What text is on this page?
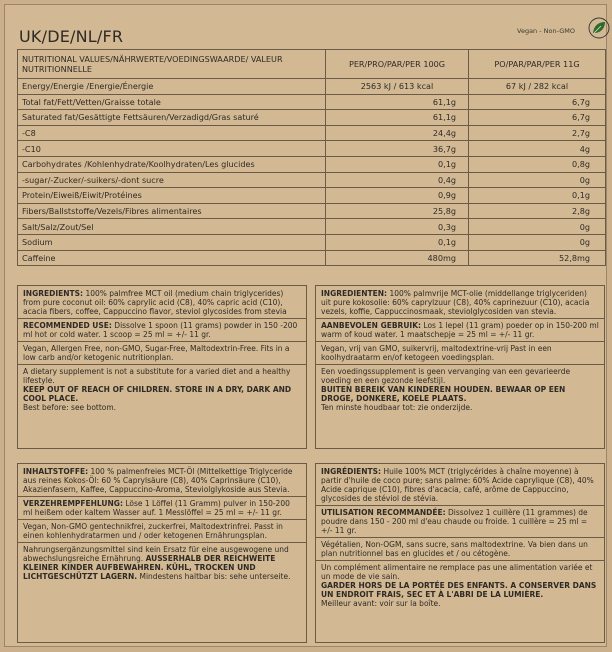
UK/DE/NL/FR	Vegan - Non-GMO
NUTRITIONAL VALUES/NÄHRWERTE/VOEDINGSWAARDE/ VALEUR NUTRITIONNELLE	PER/PRO/PAR/PER 100G	PO/PAR/PAR/PER 11G
Energy/Energie /Energie/Énergie	2563 kJ / 613 kcal	67 kJ / 282 kcal
Total fat/Fett/Vetten/Graisse totale	61,1g	6,7g
Saturated fat/Gesättigte Fettsäuren/Verzadigd/Gras saturé	61,1g	6,7g
-C8	24,4g	2,7g
-C10	36,7g	4g
Carbohydrates /Kohlenhydrate/Koolhydraten/Les glucides	0,1g	0,8g
-sugar/-Zucker/-suikers/-dont sucre	0,4g	0g
Protein/Eiweiß/Eiwit/Protéines	0,9g	0,1g
Fibers/Ballststoffe/Vezels/Fibres alimentaires	25,8g	2,8g
Salt/Salz/Zout/Sel	0,3g	0g
Sodium	0,1g	0g
Caffeine	480mg	52,8mg

INGREDIENTS: 100% palmfree MCT oil (medium chain triglycerides) from pure coconut oil: 60% caprylic acid (C8), 40% capric acid (C10), acacia fibers, coffee, Cappuccino flavor, steviol glycosides from stevia

RECOMMENDED USE: Dissolve 1 spoon (11 grams) powder in 150 -200 ml hot or cold water. 1 scoop = 25 ml = +/- 11 gr.
Vegan, Allergen Free, non-GMO, Sugar-Free, Maltodextrin-Free. Fits in a low carb and/or ketogenic nutritionplan.
A dietary supplement is not a substitute for a varied diet and a healthy lifestyle.
KEEP OUT OF REACH OF CHILDREN. STORE IN A DRY, DARK AND COOL PLACE.
Best before: see bottom.

INGREDIENTEN: 100% palmvrije MCT-olie (middellange triglyceriden) uit pure kokosolie: 60% caprylzuur (C8), 40% caprinezuur (C10), acacia vezels, koffie, Cappuccinosmaak, steviolglycosiden van stevia.

AANBEVOLEN GEBRUIK: Los 1 lepel (11 gram) poeder op in 150-200 ml warm of koud water. 1 maatschepje = 25 ml = +/- 11 gr.
Vegan, vrij van GMO, suikervrij, maltodextrine-vrij Past in een koolhydraatarm en/of ketogeen voedingsplan.
Een voedingssupplement is geen vervanging van een gevarieerde voeding en een gezonde leefstijl.
BUITEN BEREIK VAN KINDEREN HOUDEN. BEWAAR OP EEN DROGE, DONKERE, KOELE PLAATS.
Ten minste houdbaar tot: zie onderzijde.

INHALTSTOFFE: 100 % palmenfreies MCT-Öl (Mittelkettige Triglyceride aus reines Kokos-Öl: 60 % Caprylsäure (C8), 40% Caprinsäure (C10), Akazienfasern, Kaffee, Cappuccino-Aroma, Steviolglykoside aus Stevia.

VERZEHREMPFEHLUNG: Löse 1 Löffel (11 Gramm) pulver in 150-200 ml heißem oder kaltem Wasser auf. 1 Messlöffel = 25 ml = +/- 11 gr.
Vegan, Non-GMO gentechnikfrei, zuckerfrei, Maltodextrinfrei. Passt in einen kohlenhydratarmen und / oder ketogenen Ernährungsplan.
Nahrungsergänzungsmittel sind kein Ersatz für eine ausgewogene und abwechslungsreiche Ernährung. AUSSERHALB DER REICHWEITE KLEINER KINDER AUFBEWAHREN. KÜHL, TROCKEN UND LICHTGESCHÜTZT LAGERN. Mindestens haltbar bis: sehe unterseite.

INGRÉDIENTS: Huile 100% MCT (triglycérides à chaîne moyenne) à partir d'huile de coco pure; sans palme: 60% Acide caprylique (C8), 40% Acide caprique (C10), fibres d'acacia, café, arôme de Cappuccino, glycosides de stéviol de stévia.

UTILISATION RECOMMANDÉE: Dissolvez 1 cuillère (11 grammes) de poudre dans 150 - 200 ml d'eau chaude ou froide. 1 cuillère = 25 ml = +/- 11 gr.
Végétalien, Non-OGM, sans sucre, sans maltodextrine. Va bien dans un plan nutritionnel bas en glucides et / ou cétogène.
Un complément alimentaire ne remplace pas une alimentation variée et un mode de vie sain.
GARDER HORS DE LA PORTÉE DES ENFANTS. A CONSERVER DANS UN ENDROIT FRAIS, SEC ET À L'ABRI DE LA LUMIÈRE.
Meilleur avant: voir sur la boîte.
